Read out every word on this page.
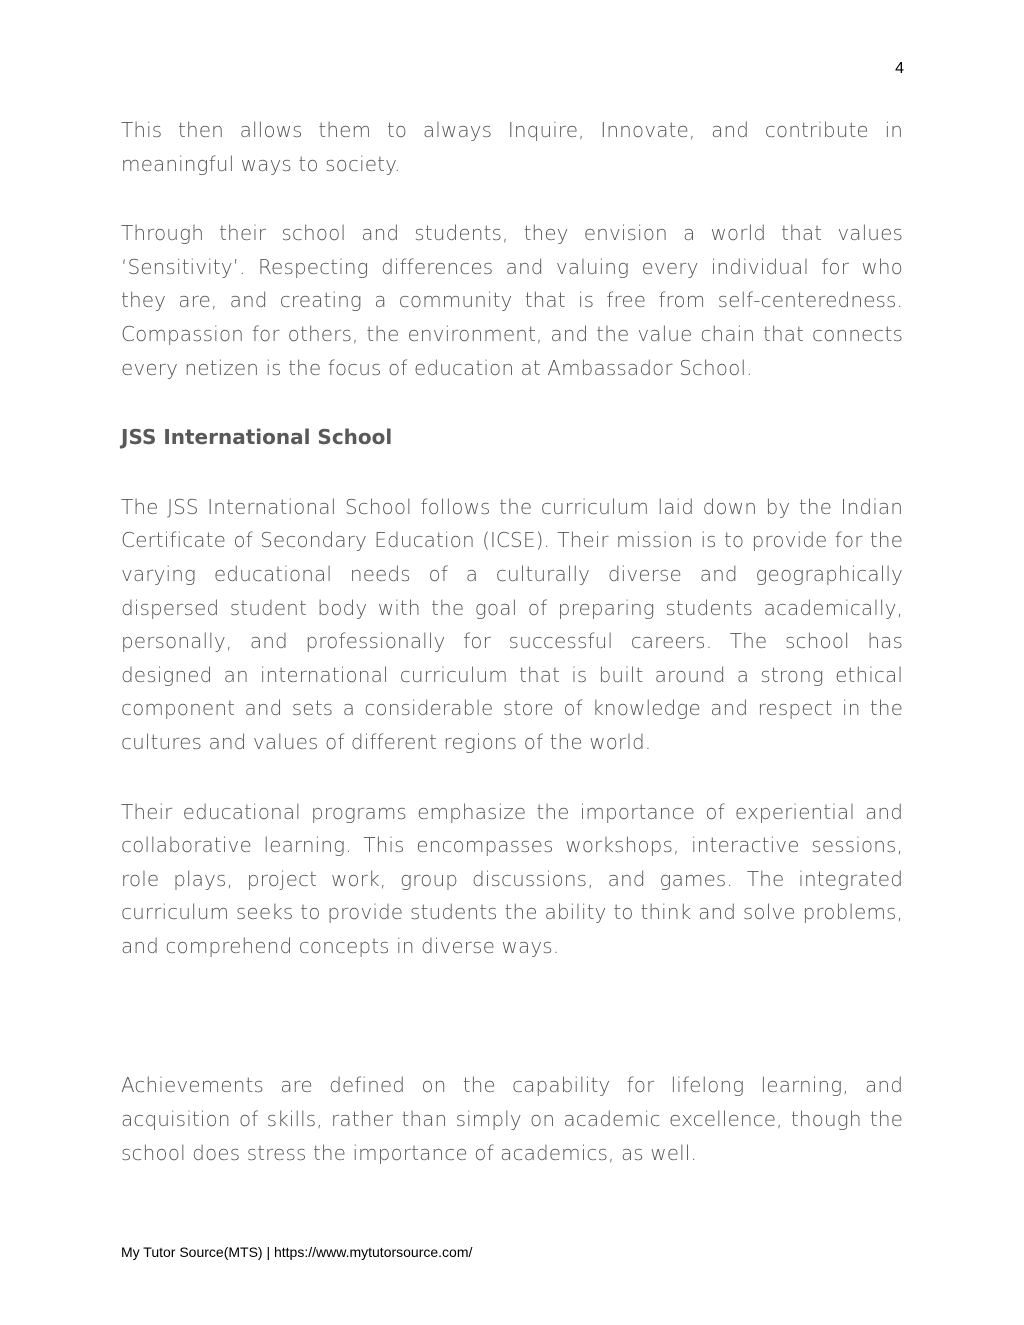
4

This then allows them to always Inquire, Innovate, and contribute in meaningful ways to society.

Through their school and students, they envision a world that values ‘Sensitivity’. Respecting differences and valuing every individual for who they are, and creating a community that is free from self-centeredness. Compassion for others, the environment, and the value chain that connects every netizen is the focus of education at Ambassador School.

JSS International School

The JSS International School follows the curriculum laid down by the Indian Certificate of Secondary Education (ICSE). Their mission is to provide for the varying educational needs of a culturally diverse and geographically dispersed student body with the goal of preparing students academically, personally, and professionally for successful careers. The school has designed an international curriculum that is built around a strong ethical component and sets a considerable store of knowledge and respect in the cultures and values of different regions of the world.

Their educational programs emphasize the importance of experiential and collaborative learning. This encompasses workshops, interactive sessions, role plays, project work, group discussions, and games. The integrated curriculum seeks to provide students the ability to think and solve problems, and comprehend concepts in diverse ways.

Achievements are defined on the capability for lifelong learning, and acquisition of skills, rather than simply on academic excellence, though the school does stress the importance of academics, as well.

My Tutor Source(MTS) | https://www.mytutorsource.com/
